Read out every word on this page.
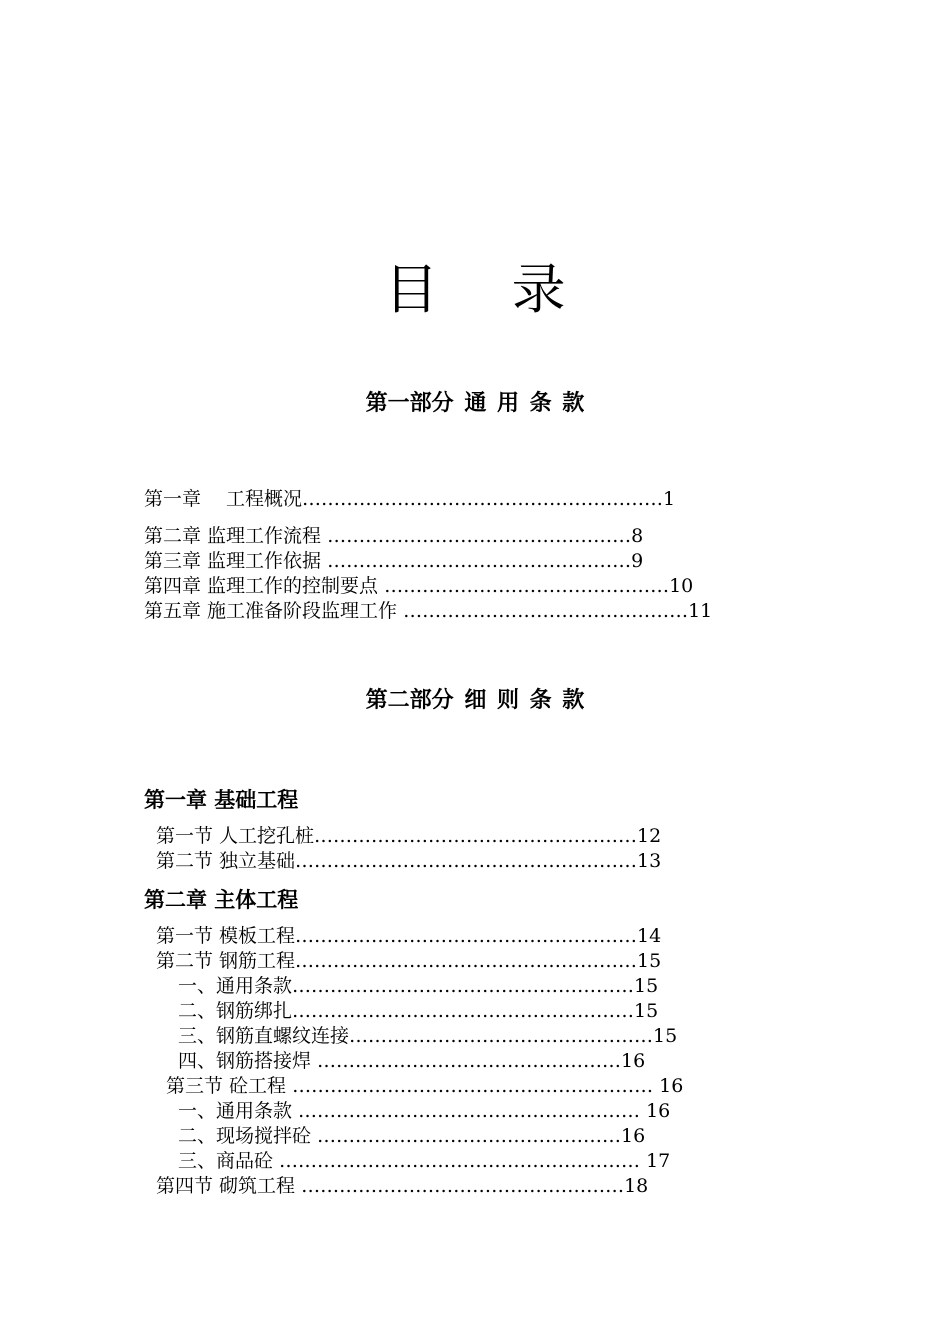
目 录
第一部分 通 用 条 款
第一章 　工程概况…………………………………………………1
第二章 监理工作流程 …………………………………………8
第三章 监理工作依据 …………………………………………9
第四章 监理工作的控制要点 ………………………………………10
第五章 施工准备阶段监理工作 ………………………………………11
第二部分 细 则 条 款
第一章 基础工程
第一节 人工挖孔桩……………………………………………12
第二节 独立基础………………………………………………13
第二章 主体工程
第一节 模板工程………………………………………………14
第二节 钢筋工程………………………………………………15
一、通用条款………………………………………………15
二、钢筋绑扎………………………………………………15
三、钢筋直螺纹连接…………………………………………15
四、钢筋搭接焊 …………………………………………16
第三节 砼工程 ………………………………………………… 16
一、通用条款 ……………………………………………… 16
二、现场搅拌砼 …………………………………………16
三、商品砼 ………………………………………………… 17
第四节 砌筑工程 ……………………………………………18
